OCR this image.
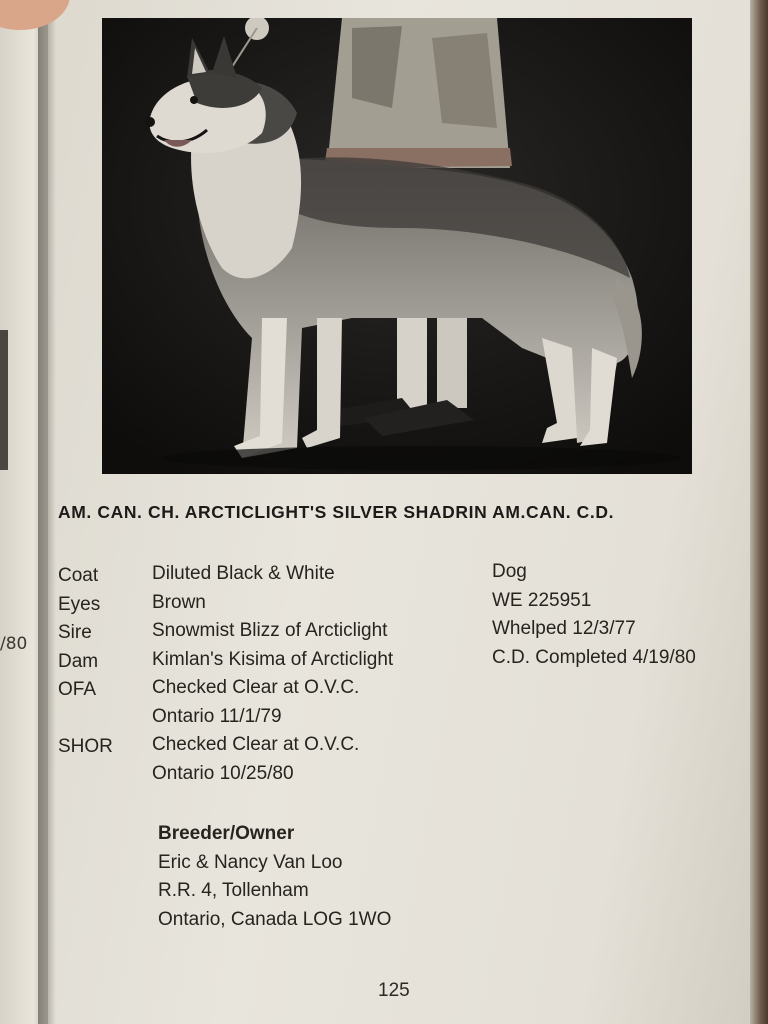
/80
AM. CAN. CH. ARCTICLIGHT'S SILVER SHADRIN AM.CAN. C.D.
Coat
Eyes
Sire
Dam
OFA
SHOR
Diluted Black & White
Brown
Snowmist Blizz of Arcticlight
Kimlan's Kisima of Arcticlight
Checked Clear at O.V.C.
Ontario 11/1/79
Checked Clear at O.V.C.
Ontario 10/25/80
Dog
WE 225951
Whelped 12/3/77
C.D. Completed 4/19/80
Breeder/Owner
Eric & Nancy Van Loo
R.R. 4, Tollenham
Ontario, Canada LOG 1WO
125
